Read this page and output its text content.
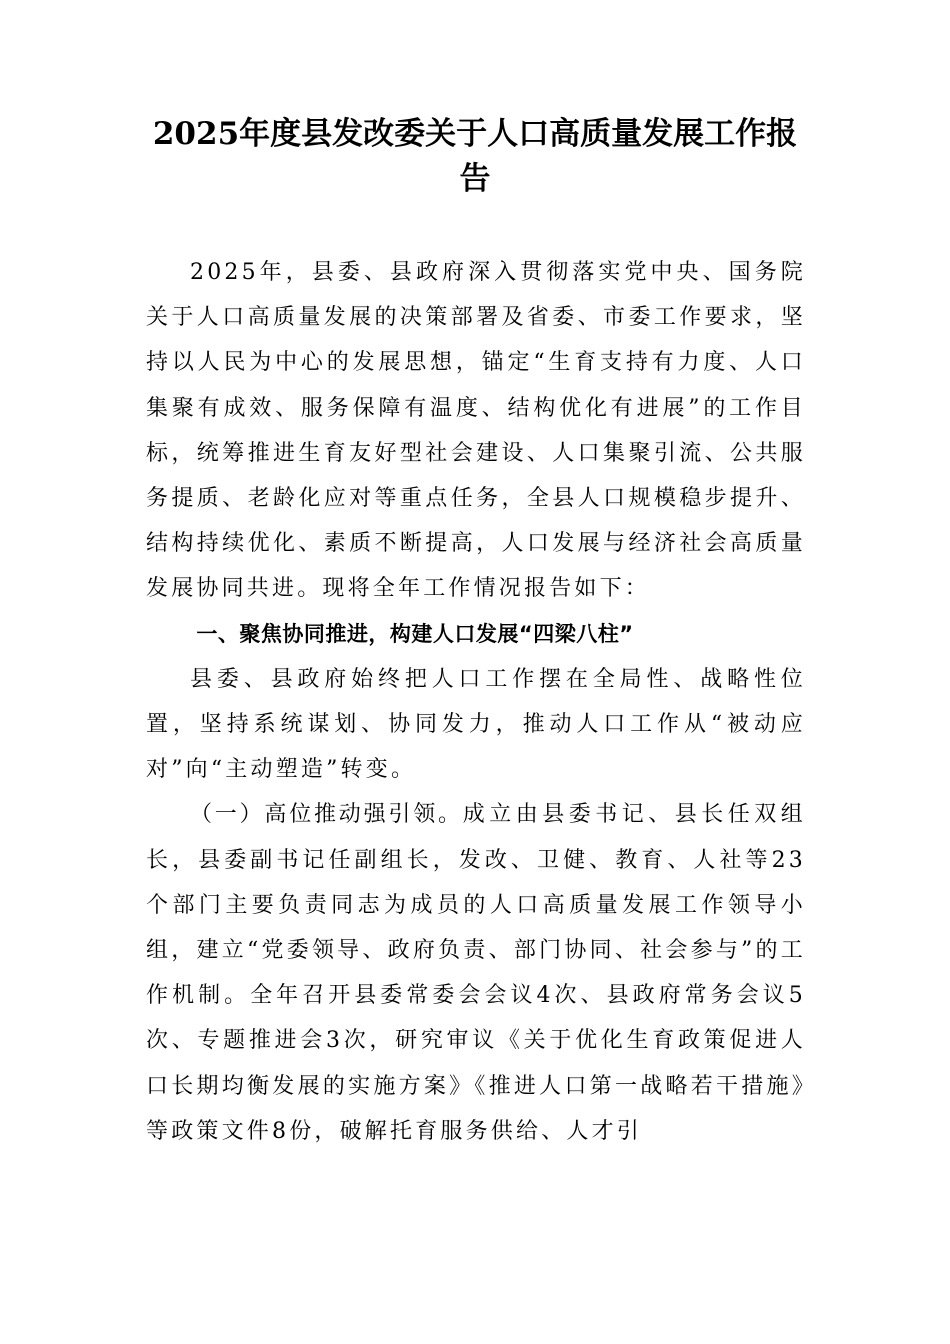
2025年度县发改委关于人口高质量发展工作报告

2025年，县委、县政府深入贯彻落实党中央、国务院关于人口高质量发展的决策部署及省委、市委工作要求，坚持以人民为中心的发展思想，锚定“生育支持有力度、人口集聚有成效、服务保障有温度、结构优化有进展”的工作目标，统筹推进生育友好型社会建设、人口集聚引流、公共服务提质、老龄化应对等重点任务，全县人口规模稳步提升、结构持续优化、素质不断提高，人口发展与经济社会高质量发展协同共进。现将全年工作情况报告如下：

一、聚焦协同推进，构建人口发展“四梁八柱”

县委、县政府始终把人口工作摆在全局性、战略性位置，坚持系统谋划、协同发力，推动人口工作从“被动应对”向“主动塑造”转变。

（一）高位推动强引领。成立由县委书记、县长任双组长，县委副书记任副组长，发改、卫健、教育、人社等23个部门主要负责同志为成员的人口高质量发展工作领导小组，建立“党委领导、政府负责、部门协同、社会参与”的工作机制。全年召开县委常委会会议4次、县政府常务会议5次、专题推进会3次，研究审议《关于优化生育政策促进人口长期均衡发展的实施方案》《推进人口第一战略若干措施》等政策文件8份，破解托育服务供给、人才引
